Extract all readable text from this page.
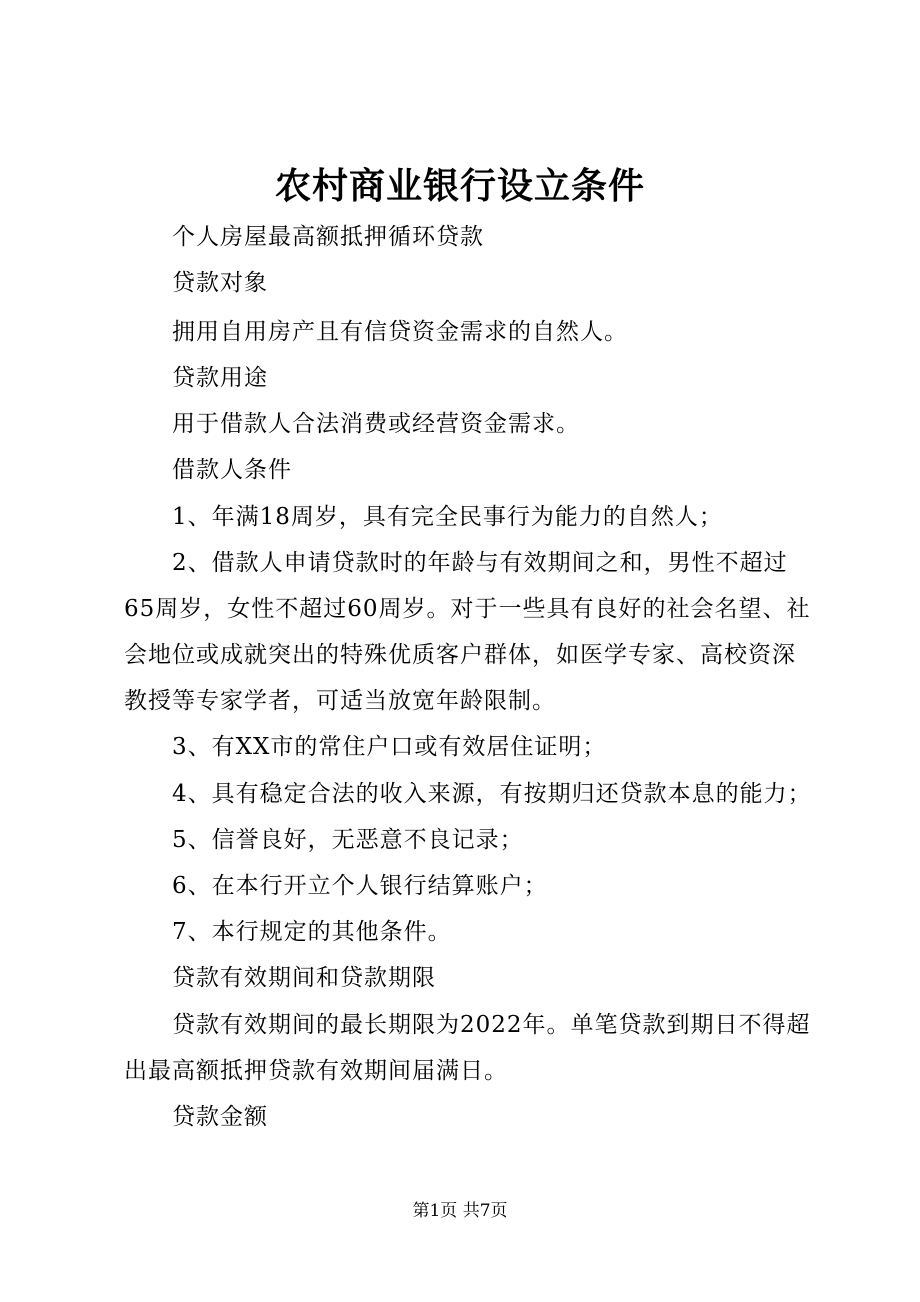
农村商业银行设立条件

个人房屋最高额抵押循环贷款

贷款对象

拥用自用房产且有信贷资金需求的自然人。

贷款用途

用于借款人合法消费或经营资金需求。

借款人条件

1、年满18周岁，具有完全民事行为能力的自然人；

2、借款人申请贷款时的年龄与有效期间之和，男性不超过65周岁，女性不超过60周岁。对于一些具有良好的社会名望、社会地位或成就突出的特殊优质客户群体，如医学专家、高校资深教授等专家学者，可适当放宽年龄限制。

3、有XX市的常住户口或有效居住证明；

4、具有稳定合法的收入来源，有按期归还贷款本息的能力；

5、信誉良好，无恶意不良记录；

6、在本行开立个人银行结算账户；

7、本行规定的其他条件。

贷款有效期间和贷款期限

贷款有效期间的最长期限为2022年。单笔贷款到期日不得超出最高额抵押贷款有效期间届满日。

贷款金额

第1页 共7页
